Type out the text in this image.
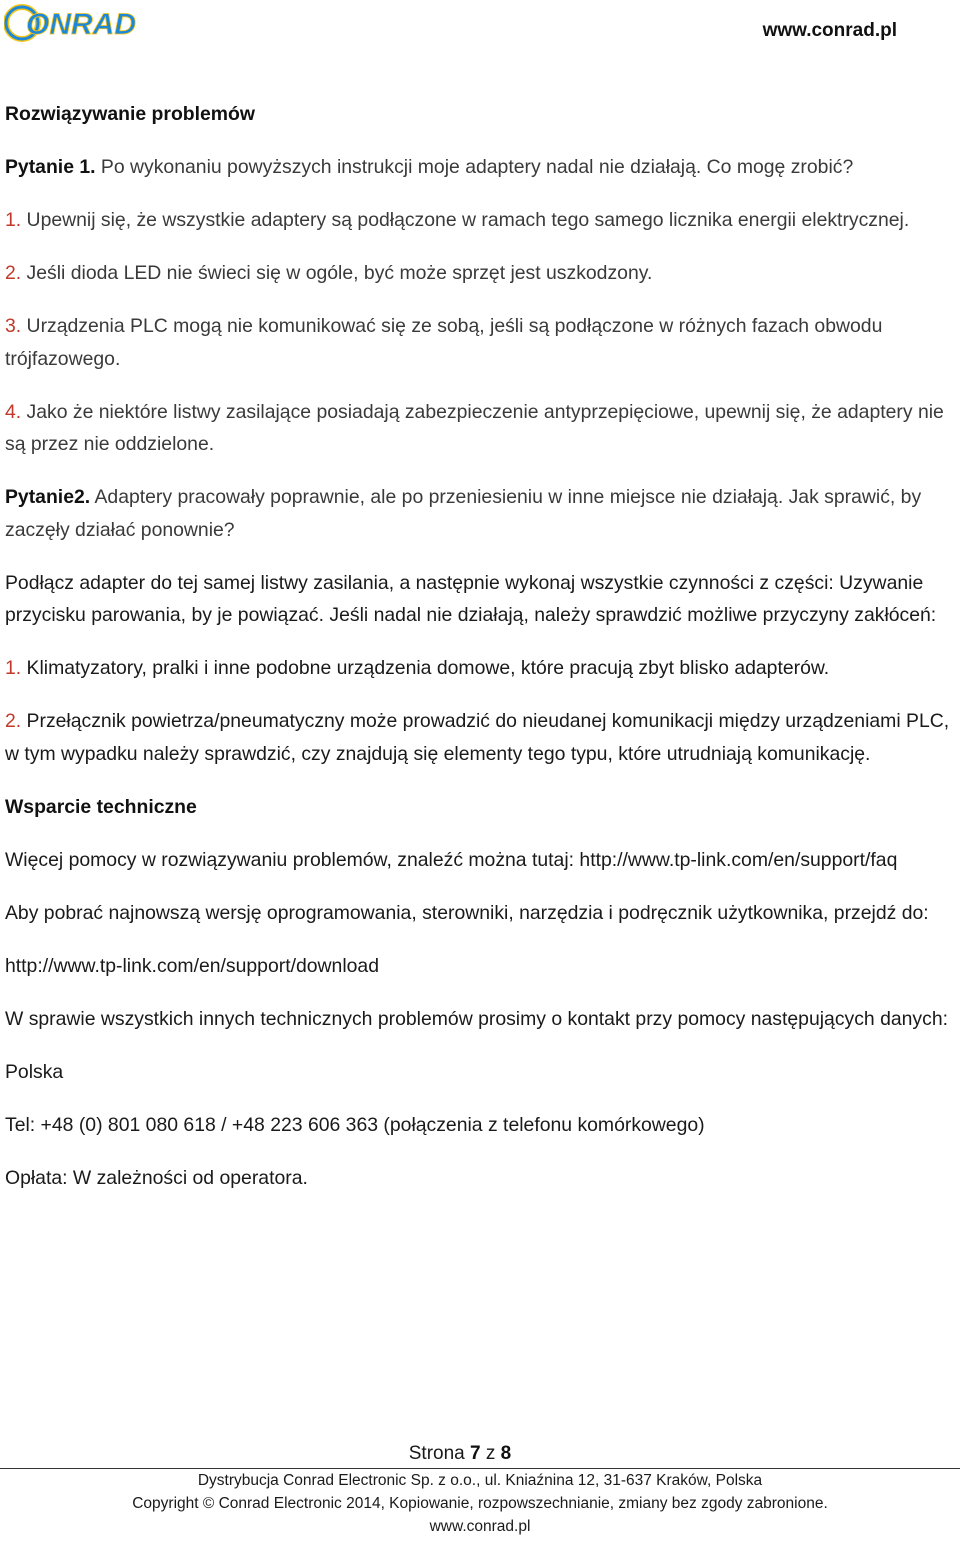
ONRAD	www.conrad.pl

Rozwiązywanie problemów

Pytanie 1. Po wykonaniu powyższych instrukcji moje adaptery nadal nie działają. Co mogę zrobić?

1. Upewnij się, że wszystkie adaptery są podłączone w ramach tego samego licznika energii elektrycznej.

2. Jeśli dioda LED nie świeci się w ogóle, być może sprzęt jest uszkodzony.

3. Urządzenia PLC mogą nie komunikować się ze sobą, jeśli są podłączone w różnych fazach obwodu trójfazowego.

4. Jako że niektóre listwy zasilające posiadają zabezpieczenie antyprzepięciowe, upewnij się, że adaptery nie są przez nie oddzielone.

Pytanie2. Adaptery pracowały poprawnie, ale po przeniesieniu w inne miejsce nie działają. Jak sprawić, by zaczęły działać ponownie?

Podłącz adapter do tej samej listwy zasilania, a następnie wykonaj wszystkie czynności z części: Uzywanie przycisku parowania, by je powiązać. Jeśli nadal nie działają, należy sprawdzić możliwe przyczyny zakłóceń:

1. Klimatyzatory, pralki i inne podobne urządzenia domowe, które pracują zbyt blisko adapterów.

2. Przełącznik powietrza/pneumatyczny może prowadzić do nieudanej komunikacji między urządzeniami PLC, w tym wypadku należy sprawdzić, czy znajdują się elementy tego typu, które utrudniają komunikację.

Wsparcie techniczne

Więcej pomocy w rozwiązywaniu problemów, znaleźć można tutaj: http://www.tp-link.com/en/support/faq

Aby pobrać najnowszą wersję oprogramowania, sterowniki, narzędzia i podręcznik użytkownika, przejdź do:

http://www.tp-link.com/en/support/download

W sprawie wszystkich innych technicznych problemów prosimy o kontakt przy pomocy następujących danych:

Polska

Tel: +48 (0) 801 080 618 / +48 223 606 363 (połączenia z telefonu komórkowego)

Opłata: W zależności od operatora.

Strona 7 z 8
Dystrybucja Conrad Electronic Sp. z o.o., ul. Kniaźnina 12, 31-637 Kraków, Polska
Copyright © Conrad Electronic 2014, Kopiowanie, rozpowszechnianie, zmiany bez zgody zabronione.
www.conrad.pl
